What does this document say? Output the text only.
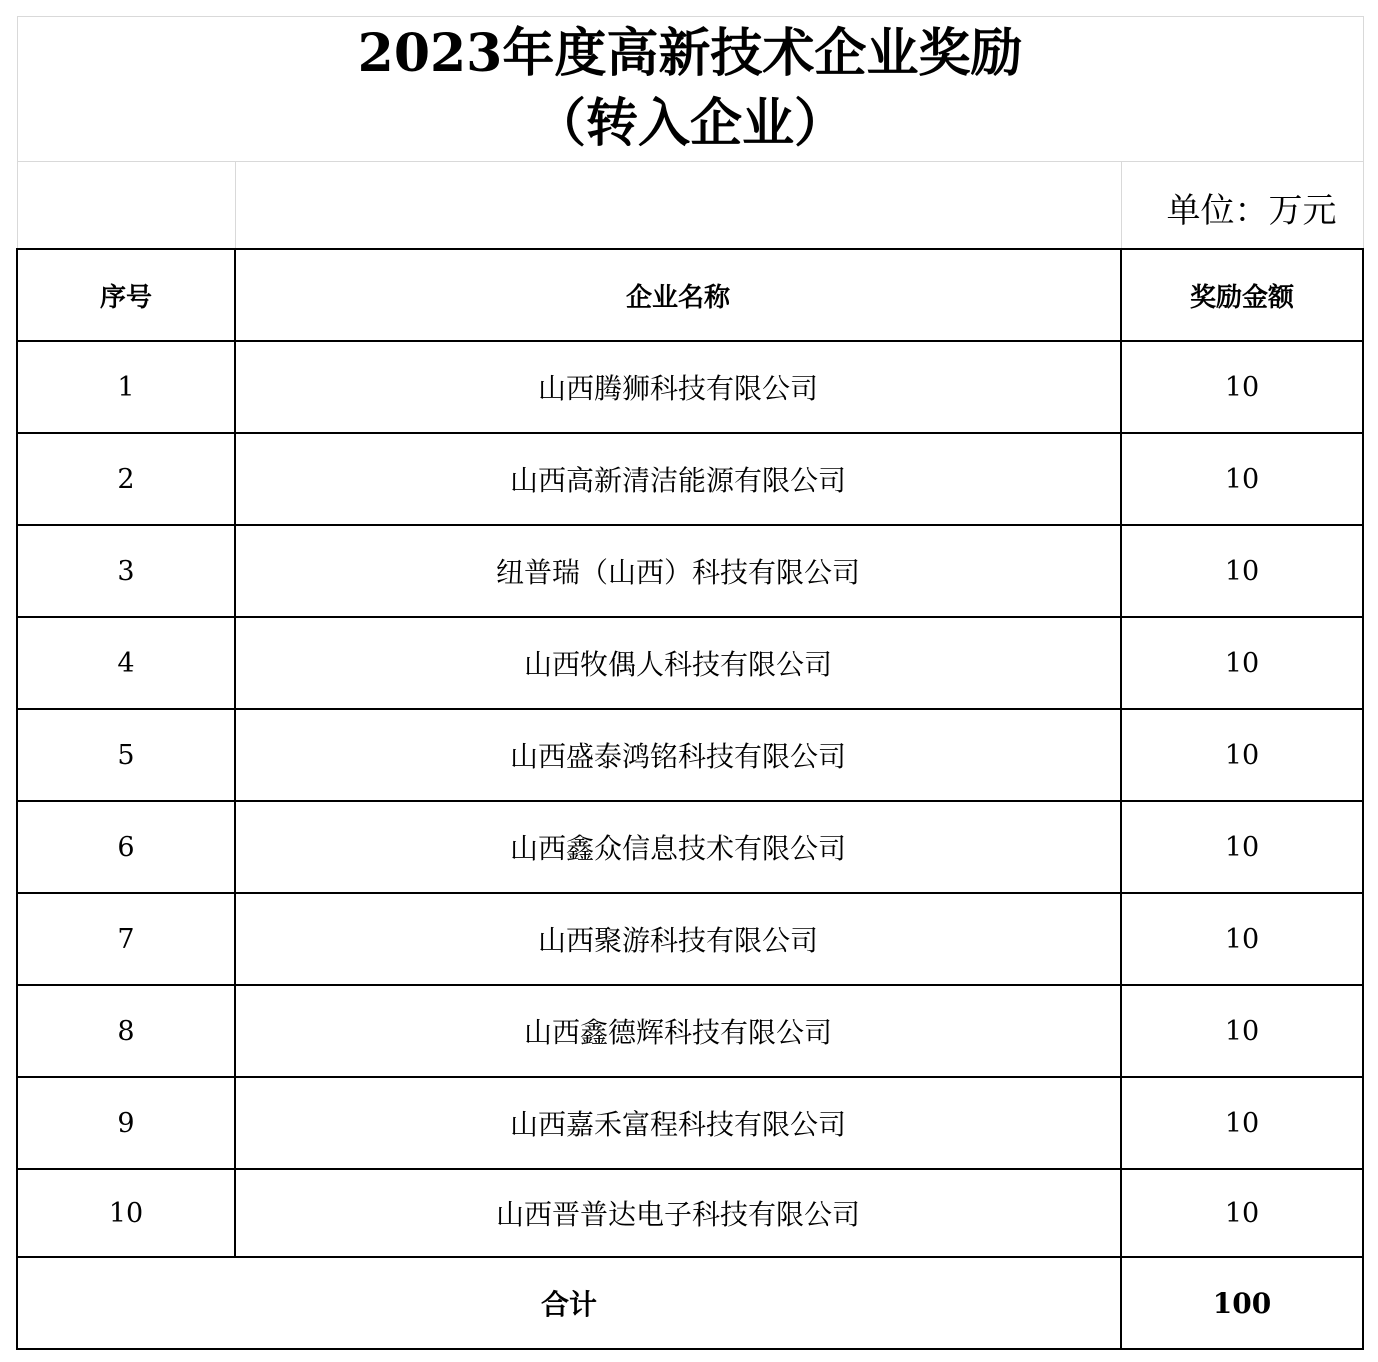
2023年度高新技术企业奖励
（转入企业）		

		单位：万元
序号	企业名称	奖励金额
1	山西腾狮科技有限公司	10
2	山西高新清洁能源有限公司	10
3	纽普瑞（山西）科技有限公司	10
4	山西牧偶人科技有限公司	10
5	山西盛泰鸿铭科技有限公司	10
6	山西鑫众信息技术有限公司	10
7	山西聚游科技有限公司	10
8	山西鑫德辉科技有限公司	10
9	山西嘉禾富程科技有限公司	10
10	山西晋普达电子科技有限公司	10
合计		100
